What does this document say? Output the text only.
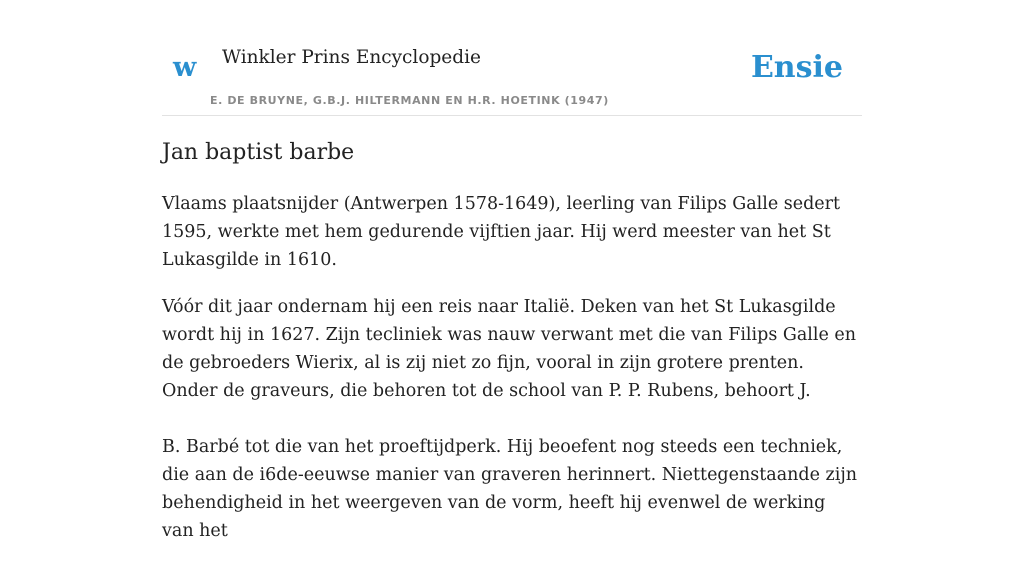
w Winkler Prins Encyclopedie
E. DE BRUYNE, G.B.J. HILTERMANN EN H.R. HOETINK (1947)
Ensie
Jan baptist barbe

Vlaams plaatsnijder (Antwerpen 1578-1649), leerling van Filips Galle sedert 1595, werkte met hem gedurende vijftien jaar. Hij werd meester van het St Lukasgilde in 1610.

Vóór dit jaar ondernam hij een reis naar Italië. Deken van het St Lukasgilde wordt hij in 1627. Zijn tecliniek was nauw verwant met die van Filips Galle en de gebroeders Wierix, al is zij niet zo fijn, vooral in zijn grotere prenten. Onder de graveurs, die behoren tot de school van P. P. Rubens, behoort J.

B. Barbé tot die van het proeftijdperk. Hij beoefent nog steeds een techniek, die aan de i6de-eeuwse manier van graveren herinnert. Niettegenstaande zijn behendigheid in het weergeven van de vorm, heeft hij evenwel de werking van het
